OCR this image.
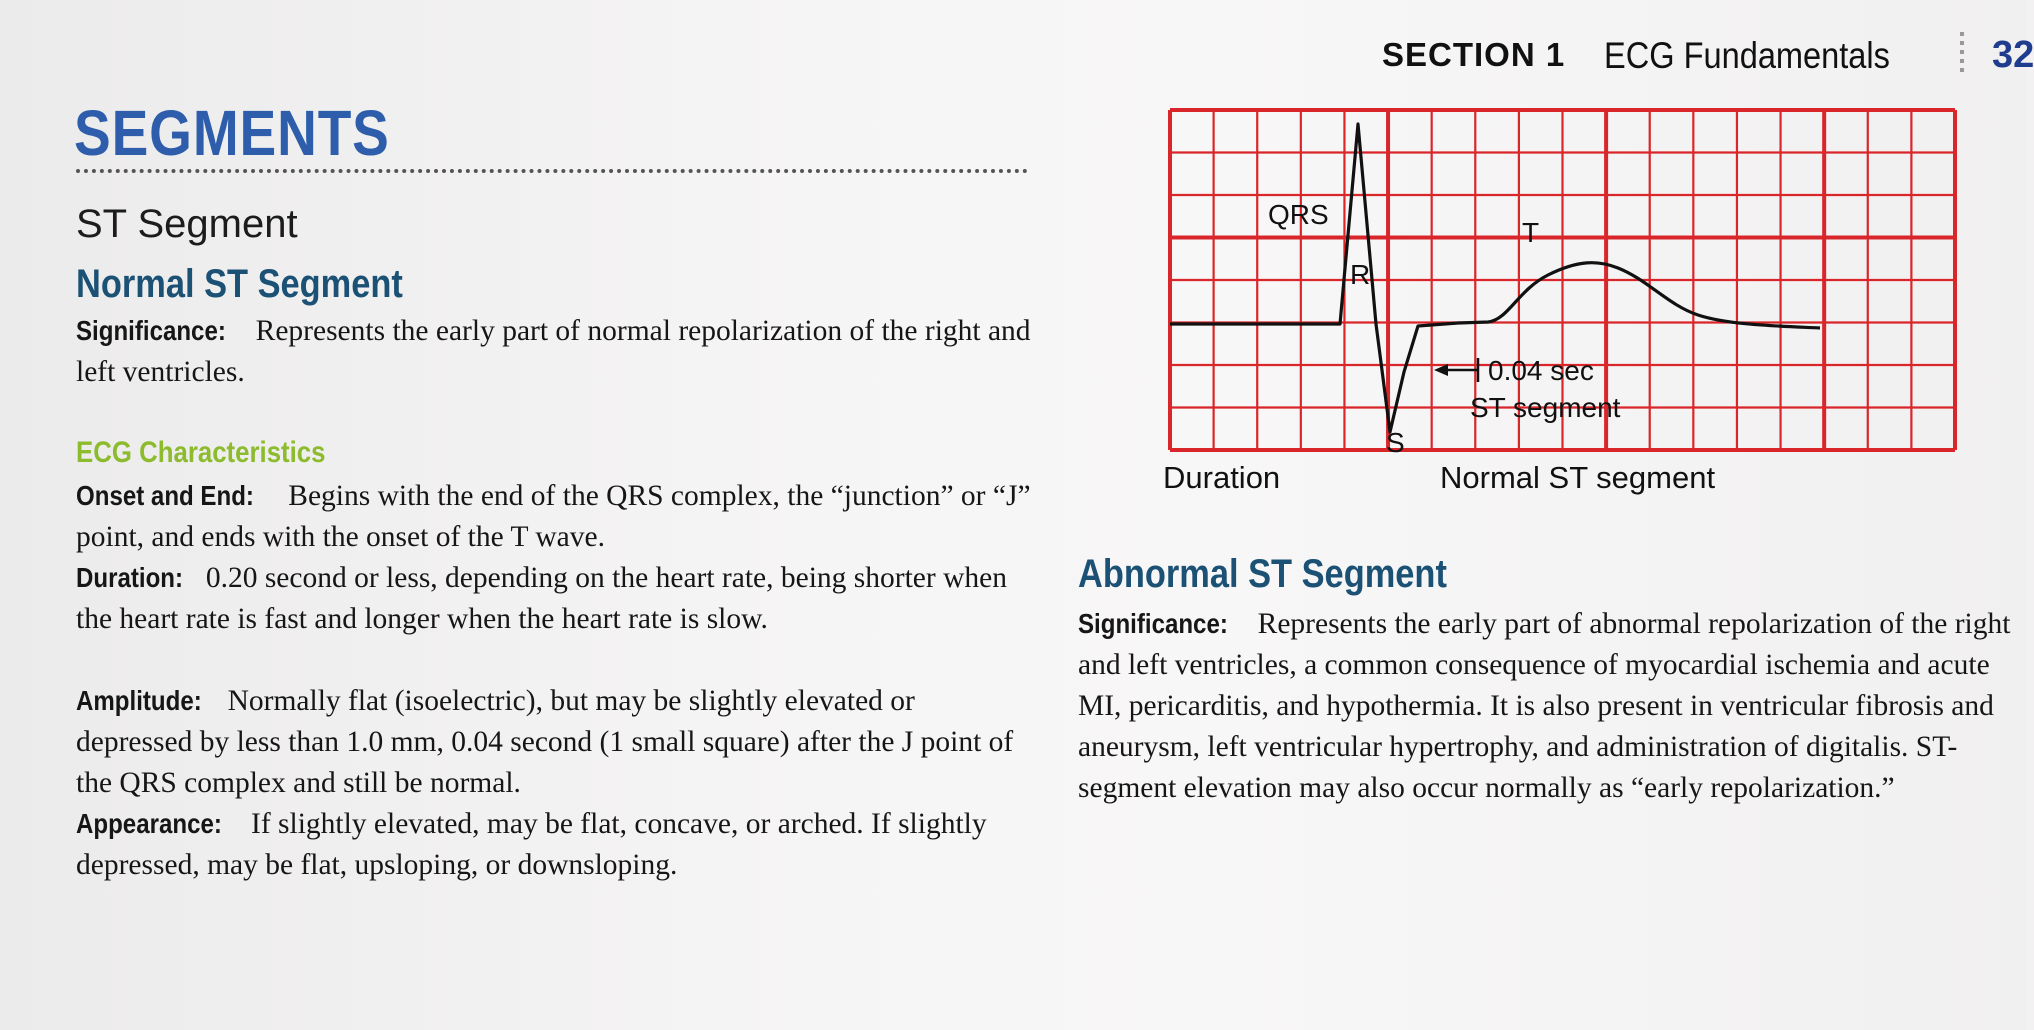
SECTION 1 ECG Fundamentals	32
SEGMENTS
ST Segment
Normal ST Segment
Significance: Represents the early part of normal repolarization of the right and left ventricles.
ECG Characteristics
Onset and End: Begins with the end of the QRS complex, the “junction” or “J” point, and ends with the onset of the T wave.
Duration: 0.20 second or less, depending on the heart rate, being shorter when the heart rate is fast and longer when the heart rate is slow.
Amplitude: Normally flat (isoelectric), but may be slightly elevated or depressed by less than 1.0 mm, 0.04 second (1 small square) after the J point of the QRS complex and still be normal.
Appearance: If slightly elevated, may be flat, concave, or arched. If slightly depressed, may be flat, upsloping, or downsloping.
QRS
R
S
T
0.04 sec
ST segment
Duration	Normal ST segment
Abnormal ST Segment
Significance: Represents the early part of abnormal repolarization of the right and left ventricles, a common consequence of myocardial ischemia and acute MI, pericarditis, and hypothermia. It is also present in ventricular fibrosis and aneurysm, left ventricular hypertrophy, and administration of digitalis. ST-segment elevation may also occur normally as “early repolarization.”
